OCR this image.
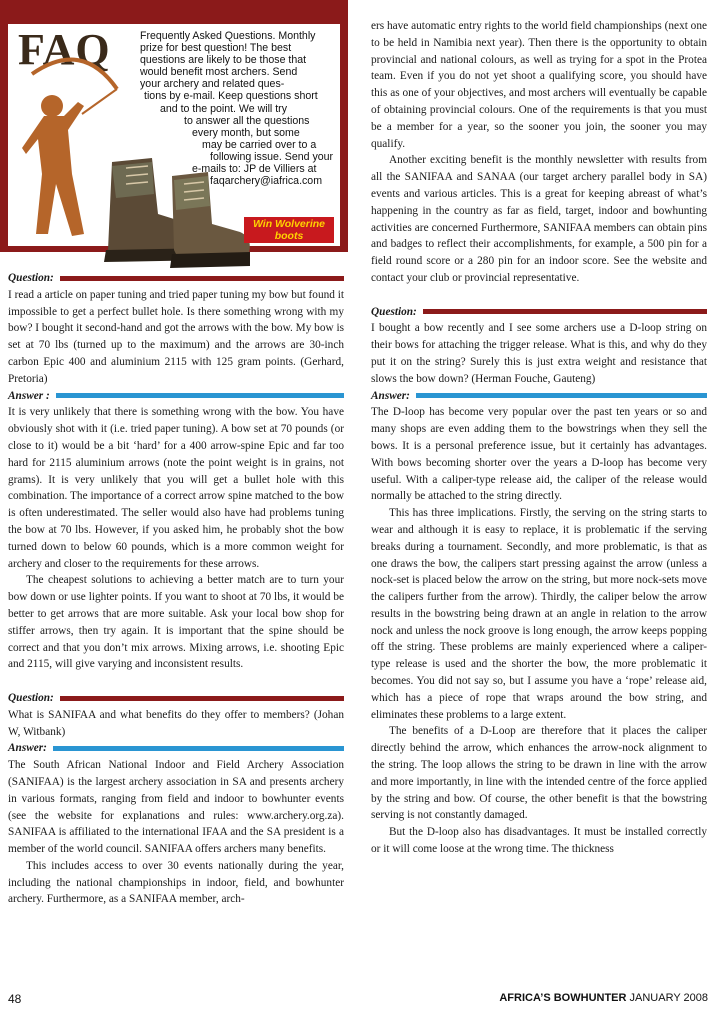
FAQ	Frequently Asked Questions. Monthly
prize for best question! The best
questions are likely to be those that
would benefit most archers. Send
your archery and related ques-
tions by e-mail. Keep questions short
and to the point. We will try
to answer all the questions
every month, but some
may be carried over to a
following issue. Send your
e-mails to: JP de Villiers at
faqarchery@iafrica.com
Win Wolverine
boots
Question:

I read a article on paper tuning and tried paper tuning my bow but found it impossible to get a perfect bullet hole. Is there something wrong with my bow? I bought it second-hand and got the arrows with the bow. My bow is set at 70 lbs (turned up to the maximum) and the arrows are 30-inch carbon Epic 400 and aluminium 2115 with 125 gram points. (Gerhard, Pretoria)

Answer :

It is very unlikely that there is something wrong with the bow. You have obviously shot with it (i.e. tried paper tuning). A bow set at 70 pounds (or close to it) would be a bit ‘hard’ for a 400 arrow-spine Epic and far too hard for 2115 aluminium arrows (note the point weight is in grains, not grams). It is very unlikely that you will get a bullet hole with this combination. The importance of a correct arrow spine matched to the bow is often underestimated. The seller would also have had problems tuning the bow at 70 lbs. However, if you asked him, he probably shot the bow turned down to below 60 pounds, which is a more common weight for archery and closer to the requirements for these arrows.

The cheapest solutions to achieving a better match are to turn your bow down or use lighter points. If you want to shoot at 70 lbs, it would be better to get arrows that are more suitable. Ask your local bow shop for stiffer arrows, then try again. It is important that the spine should be correct and that you don’t mix arrows. Mixing arrows, i.e. shooting Epic and 2115, will give varying and inconsistent results.

Question:

What is SANIFAA and what benefits do they offer to members? (Johan W, Witbank)

Answer:

The South African National Indoor and Field Archery Association (SANIFAA) is the largest archery association in SA and presents archery in various formats, ranging from field and indoor to bowhunter events (see the website for explanations and rules: www.archery.org.za). SANIFAA is affiliated to the international IFAA and the SA president is a member of the world council. SANIFAA offers archers many benefits.

This includes access to over 30 events nationally during the year, including the national championships in indoor, field, and bowhunter archery. Furthermore, as a SANIFAA member, arch-

ers have automatic entry rights to the world field championships (next one to be held in Namibia next year). Then there is the opportunity to obtain provincial and national colours, as well as trying for a spot in the Protea team. Even if you do not yet shoot a qualifying score, you should have this as one of your objectives, and most archers will eventually be capable of obtaining provincial colours. One of the requirements is that you must be a member for a year, so the sooner you join, the sooner you may qualify.

Another exciting benefit is the monthly newsletter with results from all the SANIFAA and SANAA (our target archery parallel body in SA) events and various articles. This is a great for keeping abreast of what’s happening in the country as far as field, target, indoor and bowhunting activities are concerned Furthermore, SANIFAA members can obtain pins and badges to reflect their accomplishments, for example, a 500 pin for a field round score or a 280 pin for an indoor score. See the website and contact your club or provincial representative.

Question:

I bought a bow recently and I see some archers use a D-loop string on their bows for attaching the trigger release. What is this, and why do they put it on the string? Surely this is just extra weight and resistance that slows the bow down? (Herman Fouche, Gauteng)

Answer:

The D-loop has become very popular over the past ten years or so and many shops are even adding them to the bowstrings when they sell the bows. It is a personal preference issue, but it certainly has advantages. With bows becoming shorter over the years a D-loop has become very useful. With a caliper-type release aid, the caliper of the release would normally be attached to the string directly.

This has three implications. Firstly, the serving on the string starts to wear and although it is easy to replace, it is problematic if the serving breaks during a tournament. Secondly, and more problematic, is that as one draws the bow, the calipers start pressing against the arrow (unless a nock-set is placed below the arrow on the string, but more nock-sets move the calipers further from the arrow). Thirdly, the caliper below the arrow results in the bowstring being drawn at an angle in relation to the arrow nock and unless the nock groove is long enough, the arrow keeps popping off the string. These problems are mainly experienced where a caliper-type release is used and the shorter the bow, the more problematic it becomes. You did not say so, but I assume you have a ‘rope’ release aid, which has a piece of rope that wraps around the bow string, and eliminates these problems to a large extent.

The benefits of a D-Loop are therefore that it places the caliper directly behind the arrow, which enhances the arrow-nock alignment to the string. The loop allows the string to be drawn in line with the arrow and more importantly, in line with the intended centre of the force applied by the string and bow. Of course, the other benefit is that the bowstring serving is not constantly damaged.

But the D-loop also has disadvantages. It must be installed correctly or it will come loose at the wrong time. The thickness

48	AFRICA’S BOWHUNTER JANUARY 2008
